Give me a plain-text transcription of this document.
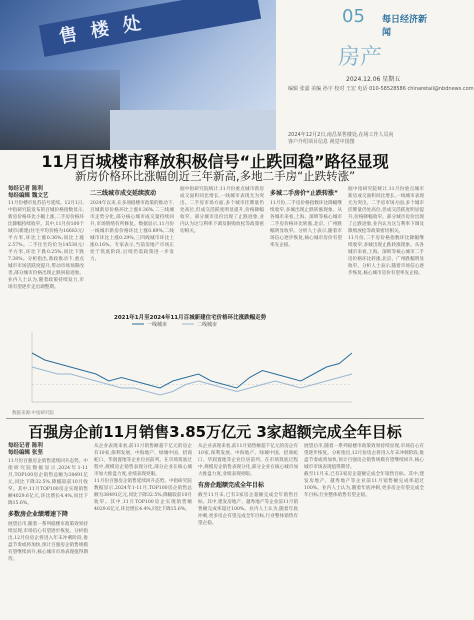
售 楼 处	05 每日经济新闻
房产
2024.12.06 星期五
编辑 张嘉 美编 孙宇 校对 王宏 电话 010-58528586 chinaretail@nbdnews.com
2024年12月2日,南昌某售楼处,在场工作人员向客户介绍项目信息 视觉中国图
11月百城楼市释放积极信号“止跌回稳”路径显现
新房价格环比涨幅创近三年新高,多地二手房“止跌转涨”
每经记者 陈利
每经编辑 魏文艺

11月份楼市复苏信号延续。12月1日,中指研究院发布的百城价格指数显示,新房价格环比小幅上涨,二手房价格环比降幅持续收窄。其中,11月份100个城市(新建)住宅平均价格为16683元/平方米,环比上涨0.36%;同比上涨2.57%。二手住宅均价为14538元/平方米,环比下跌0.25%,同比下跌7.38%。分析指出,新政推动下,重点城市市场活跃度提升,带动市场预期改善,部分城市价格出现止跌回稳迹象。业内人士认为,随着政策持续发力,市场有望逐步走出调整期。

二三线城市成交延续波动

2024年以来,在多项稳楼市政策的推动下,百城新房价格环比上涨0.36%,二三线城市走势分化,部分核心城市成交量持续回升,市场情绪有所修复。数据显示,11月份一线城市新房价格环比上涨0.89%,二线城市环比上涨0.29%,三四线城市环比上涨0.16%。专家表示,当前房地产市场正处于筑底阶段,后续仍需政策进一步发力。

据中指研究院统计,11月份重点城市新房成交面积同比增长,一线城市表现尤为突出。二手房市场方面,多个城市挂牌量仍处高位,但成交活跃度明显提升,价格降幅收窄。部分城市房价出现了止跌迹象,业内认为这与利率下调及限购放松等政策密切相关。

多城二手房价“止跌转涨”

11月份,二手房价格指数环比降幅继续收窄,多城出现止跌转涨现象。从各城市来看,上海、深圳等核心城市二手房价格环比转涨,北京、广州跌幅明显收窄。分析人士表示,随着市场信心逐步恢复,核心城市房价有望率先企稳。

据中指研究院统计,11月份重点城市新房成交面积同比增长,一线城市表现尤为突出。二手房市场方面,多个城市挂牌量仍处高位,但成交活跃度明显提升,价格降幅收窄。部分城市房价出现了止跌迹象,业内认为这与利率下调及限购放松等政策密切相关。

11月份,二手房价格指数环比降幅继续收窄,多城出现止跌转涨现象。从各城市来看,上海、深圳等核心城市二手房价格环比转涨,北京、广州跌幅明显收窄。分析人士表示,随着市场信心逐步恢复,核心城市房价有望率先企稳。

2021年1月至2024年11月百城新建住宅价格环比涨跌幅走势
一线城市	二线城市
数据来源:中指研究院
百强房企前11月销售3.85万亿元 3家超额完成全年目标
每经记者 陈利
每经编辑 张坚

11月份百强房企销售延续回升态势。中指研究院数据显示,2024年1-11月,TOP100房企销售总额为38491亿元,同比下降32.5%,降幅较前10月收窄。其中,11月TOP100房企实现销售额4029.6亿元,环比增长4.4%,同比下降15.6%。

多数房企业绩增速下降

展望后市,随着一系列稳楼市政策效果持续显现,市场信心有望逐步恢复。分析指出,12月份房企将进入年末冲刺阶段,推盘节奏或将加快,预计百强房企销售规模有望继续回升,核心城市市场表现值得期待。

从企业表现来看,前11月销售额超千亿元的房企有10家,保利发展、中海地产、绿城中国、招商蛇口、华润置地等企业位居前列。在市场筑底过程中,规模房企销售表现分化,部分企业在核心城市加大推盘力度,业绩表现亮眼。

11月份百强房企销售延续回升态势。中指研究院数据显示,2024年1-11月,TOP100房企销售总额为38491亿元,同比下降32.5%,降幅较前10月收窄。其中,11月TOP100房企实现销售额4029.6亿元,环比增长4.4%,同比下降15.6%。

从企业表现来看,前11月销售额超千亿元的房企有10家,保利发展、中海地产、绿城中国、招商蛇口、华润置地等企业位居前列。在市场筑底过程中,规模房企销售表现分化,部分企业在核心城市加大推盘力度,业绩表现亮眼。

有房企超额完成全年目标

截至11月末,已有3家房企超额完成全年销售目标。其中,建发房地产、越秀地产等企业前11月销售额完成率超过100%。业内人士认为,随着年底冲刺,更多房企有望完成全年目标,行业整体销售有望企稳。

展望后市,随着一系列稳楼市政策效果持续显现,市场信心有望逐步恢复。分析指出,12月份房企将进入年末冲刺阶段,推盘节奏或将加快,预计百强房企销售规模有望继续回升,核心城市市场表现值得期待。

截至11月末,已有3家房企超额完成全年销售目标。其中,建发房地产、越秀地产等企业前11月销售额完成率超过100%。业内人士认为,随着年底冲刺,更多房企有望完成全年目标,行业整体销售有望企稳。
